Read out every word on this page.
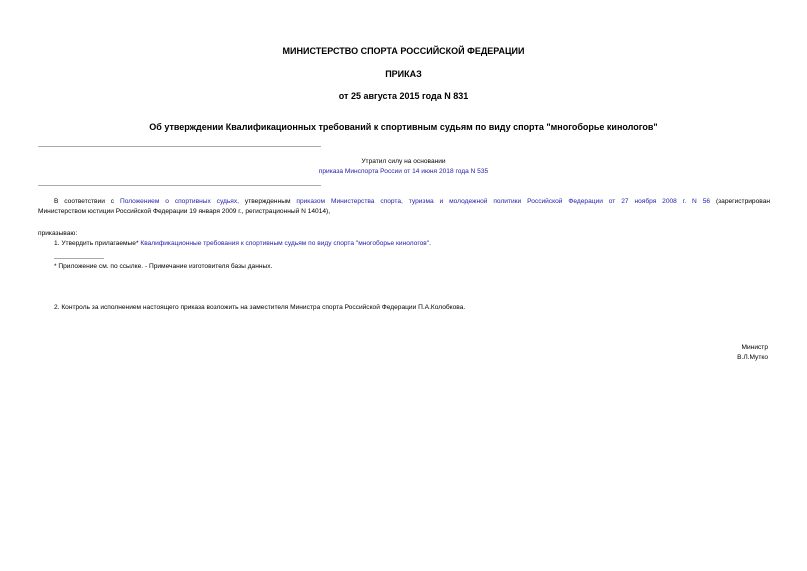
МИНИСТЕРСТВО СПОРТА РОССИЙСКОЙ ФЕДЕРАЦИИ
ПРИКАЗ
от 25 августа 2015 года N 831
Об утверждении Квалификационных требований к спортивным судьям по виду спорта "многоборье кинологов"
Утратил силу на основании
приказа Минспорта России от 14 июня 2018 года N 535
В соответствии с Положением о спортивных судьях, утвержденным приказом Министерства спорта, туризма и молодежной политики Российской Федерации от 27 ноября 2008 г. N 56 (зарегистрирован
Министерством юстиции Российской Федерации 19 января 2009 г., регистрационный N 14014),
приказываю:
1. Утвердить прилагаемые* Квалификационные требования к спортивным судьям по виду спорта "многоборье кинологов".
* Приложение см. по ссылке. - Примечание изготовителя базы данных.
2. Контроль за исполнением настоящего приказа возложить на заместителя Министра спорта Российской Федерации П.А.Колобкова.
Министр
В.Л.Мутко
